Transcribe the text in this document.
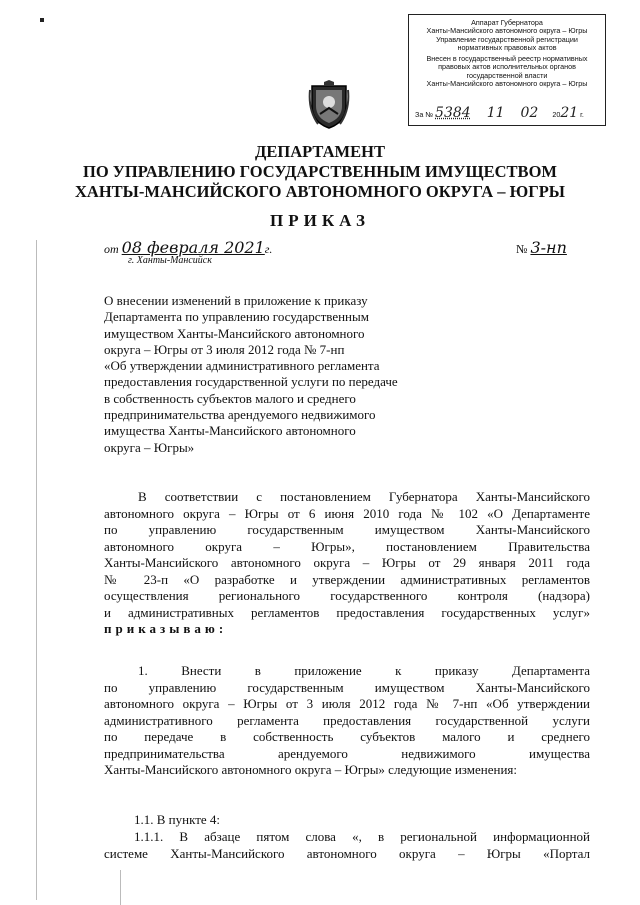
Аппарат Губернатора
Ханты-Мансийского автономного округа – Югры
Управление государственной регистрации
нормативных правовых актов
Внесен в государственный реестр нормативных
правовых актов исполнительных органов
государственной власти
Ханты-Мансийского автономного округа – Югры
За № 5384 11 02 2021 г.
ДЕПАРТАМЕНТ
ПО УПРАВЛЕНИЮ ГОСУДАРСТВЕННЫМ ИМУЩЕСТВОМ
ХАНТЫ-МАНСИЙСКОГО АВТОНОМНОГО ОКРУГА – ЮГРЫ
ПРИКАЗ
от 08 февраля 2021г.
г. Ханты-Мансийск
№ 3-нп
О внесении изменений в приложение к приказу
Департамента по управлению государственным
имуществом Ханты-Мансийского автономного
округа – Югры от 3 июля 2012 года № 7-нп
«Об утверждении административного регламента
предоставления государственной услуги по передаче
в собственность субъектов малого и среднего
предпринимательства арендуемого недвижимого
имущества Ханты-Мансийского автономного
округа – Югры»
В соответствии с постановлением Губернатора Ханты-Мансийского
автономного округа – Югры от 6 июня 2010 года № 102 «О Департаменте
по управлению государственным имуществом Ханты-Мансийского
автономного округа – Югры», постановлением Правительства
Ханты-Мансийского автономного округа – Югры от 29 января 2011 года
№ 23-п «О разработке и утверждении административных регламентов
осуществления регионального государственного контроля (надзора)
и административных регламентов предоставления государственных услуг»
приказываю:
1. Внести в приложение к приказу Департамента
по управлению государственным имуществом Ханты-Мансийского
автономного округа – Югры от 3 июля 2012 года № 7-нп «Об утверждении
административного регламента предоставления государственной услуги
по передаче в собственность субъектов малого и среднего
предпринимательства арендуемого недвижимого имущества
Ханты-Мансийского автономного округа – Югры» следующие изменения:
1.1. В пункте 4:
1.1.1. В абзаце пятом слова «, в региональной информационной
системе Ханты-Мансийского автономного округа – Югры «Портал
